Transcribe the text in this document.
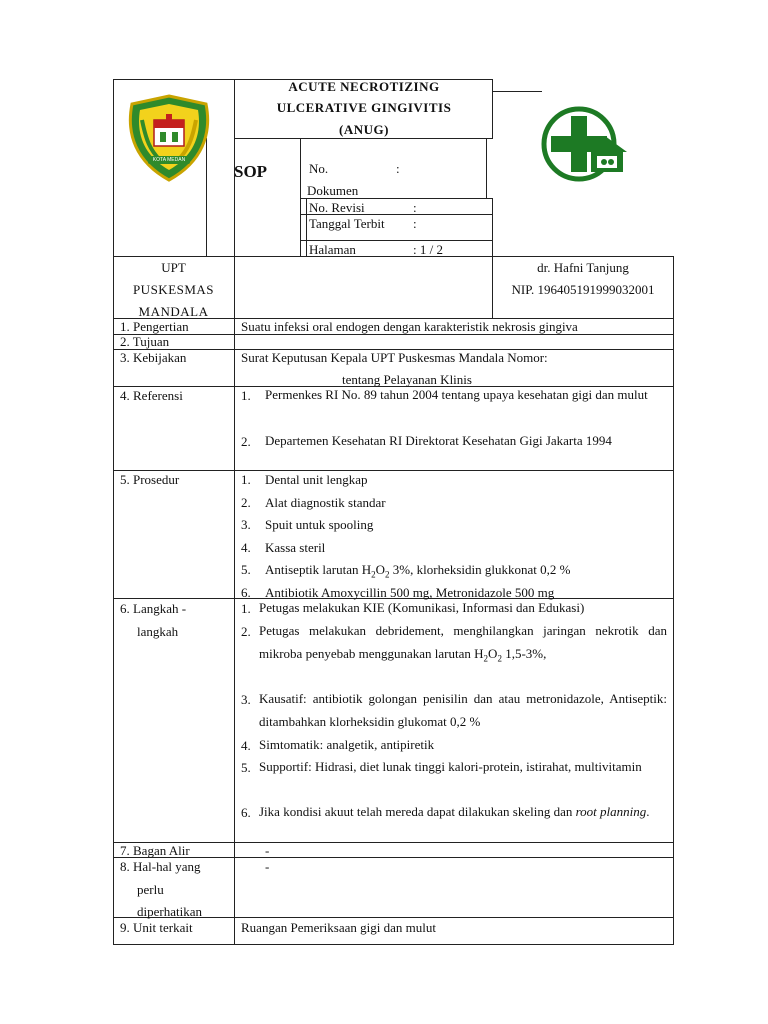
KOTA MEDAN
ACUTE NECROTIZING
ULCERATIVE GINGIVITIS
(ANUG)
SOP	No.	:
Dokumen
No. Revisi	:
Tanggal Terbit :
Halaman	: 1 / 2
UPT
PUSKESMAS
MANDALA
dr. Hafni Tanjung
NIP. 196405191999032001
1. Pengertian	Suatu infeksi oral endogen dengan karakteristik nekrosis gingiva
2. Tujuan
3. Kebijakan	Surat Keputusan Kepala UPT Puskesmas Mandala Nomor:
tentang Pelayanan Klinis
4. Referensi	1. Permenkes RI No. 89 tahun 2004 tentang upaya kesehatan gigi dan mulut
2. Departemen Kesehatan RI Direktorat Kesehatan Gigi Jakarta 1994
5. Prosedur	1. Dental unit lengkap
2. Alat diagnostik standar
3. Spuit untuk spooling
4. Kassa steril
5. Antiseptik larutan $H_2O_2$ 3%, klorheksidin glukkonat 0,2 %
6. Antibiotik Amoxycillin 500 mg, Metronidazole 500 mg
6. Langkah -
langkah
1. Petugas melakukan KIE (Komunikasi, Informasi dan Edukasi)
2. Petugas melakukan debridement, menghilangkan jaringan nekrotik dan mikroba penyebab menggunakan larutan $H_2O_2$ 1,5-3%,
3. Kausatif: antibiotik golongan penisilin dan atau metronidazole, Antiseptik: ditambahkan klorheksidin glukomat 0,2 %
4. Simtomatik: analgetik, antipiretik
5. Supportif: Hidrasi, diet lunak tinggi kalori-protein, istirahat, multivitamin
6. Jika kondisi akuut telah mereda dapat dilakukan skeling dan root planning.
7. Bagan Alir	-
8. Hal-hal yang
perlu
diperhatikan
-
9. Unit terkait	Ruangan Pemeriksaan gigi dan mulut
